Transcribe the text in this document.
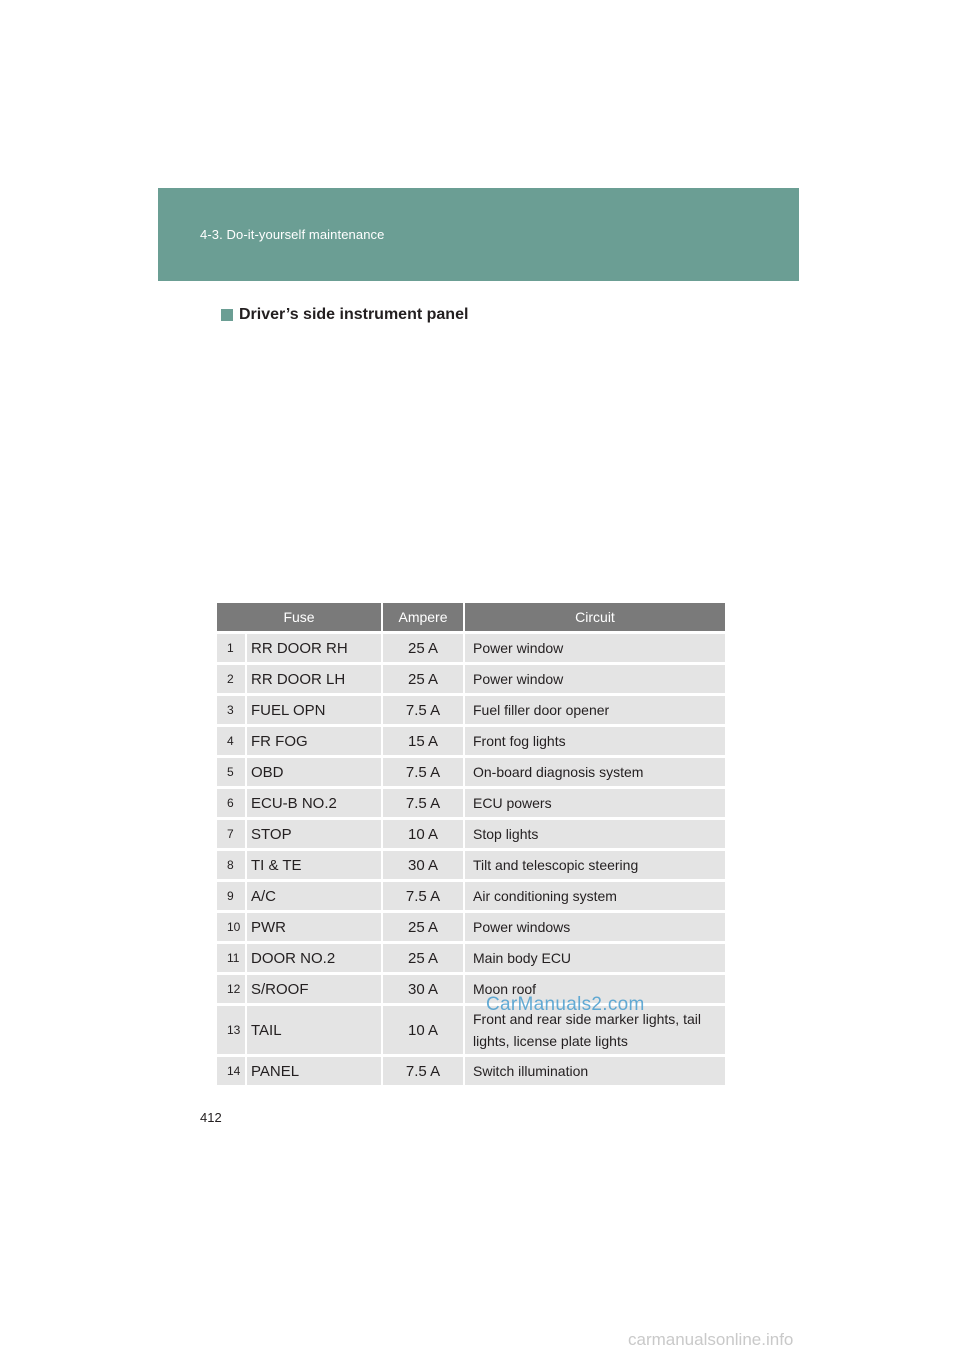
4-3. Do-it-yourself maintenance
Driver’s side instrument panel
Fuse		Ampere	Circuit
1	RR DOOR RH	25 A	Power window
2	RR DOOR LH	25 A	Power window
3	FUEL OPN	7.5 A	Fuel filler door opener
4	FR FOG	15 A	Front fog lights
5	OBD	7.5 A	On-board diagnosis system
6	ECU-B NO.2	7.5 A	ECU powers
7	STOP	10 A	Stop lights
8	TI & TE	30 A	Tilt and telescopic steering
9	A/C	7.5 A	Air conditioning system
10	PWR	25 A	Power windows
11	DOOR NO.2	25 A	Main body ECU
12	S/ROOF	30 A	Moon roof
13	TAIL	10 A	Front and rear side marker lights, tail lights, license plate lights
14	PANEL	7.5 A	Switch illumination
CarManuals2.com
412
carmanualsonline.info
